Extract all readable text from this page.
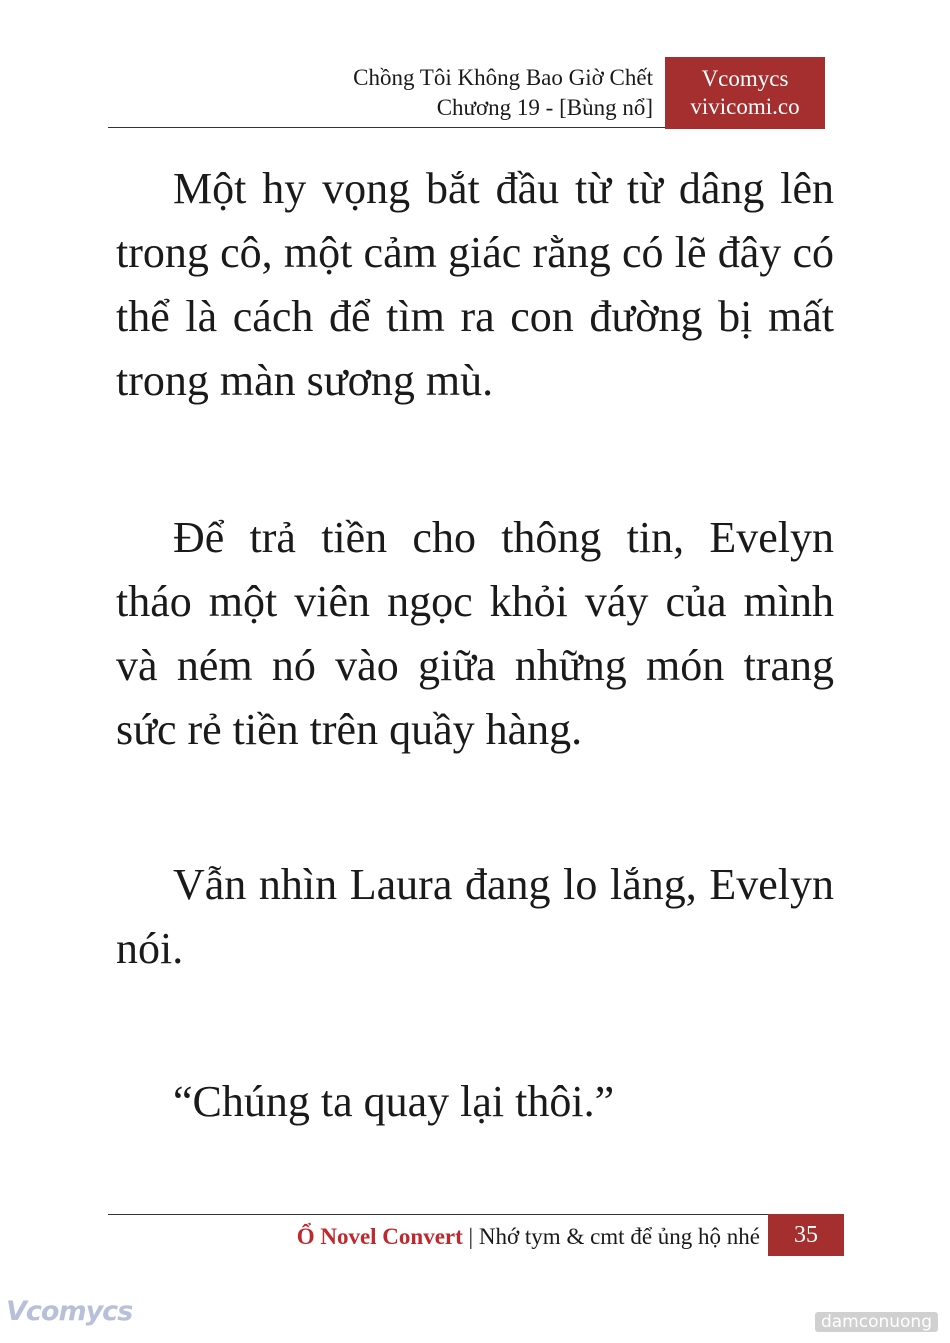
Chồng Tôi Không Bao Giờ Chết
Chương 19 - [Bùng nổ]
Vcomycs
vivicomi.co

Một hy vọng bắt đầu từ từ dâng lên trong cô, một cảm giác rằng có lẽ đây có thể là cách để tìm ra con đường bị mất trong màn sương mù.

Để trả tiền cho thông tin, Evelyn tháo một viên ngọc khỏi váy của mình và ném nó vào giữa những món trang sức rẻ tiền trên quầy hàng.

Vẫn nhìn Laura đang lo lắng, Evelyn nói.

“Chúng ta quay lại thôi.”

Ổ Novel Convert | Nhớ tym & cmt để ủng hộ nhé	35
Vcomycs	damconuong
